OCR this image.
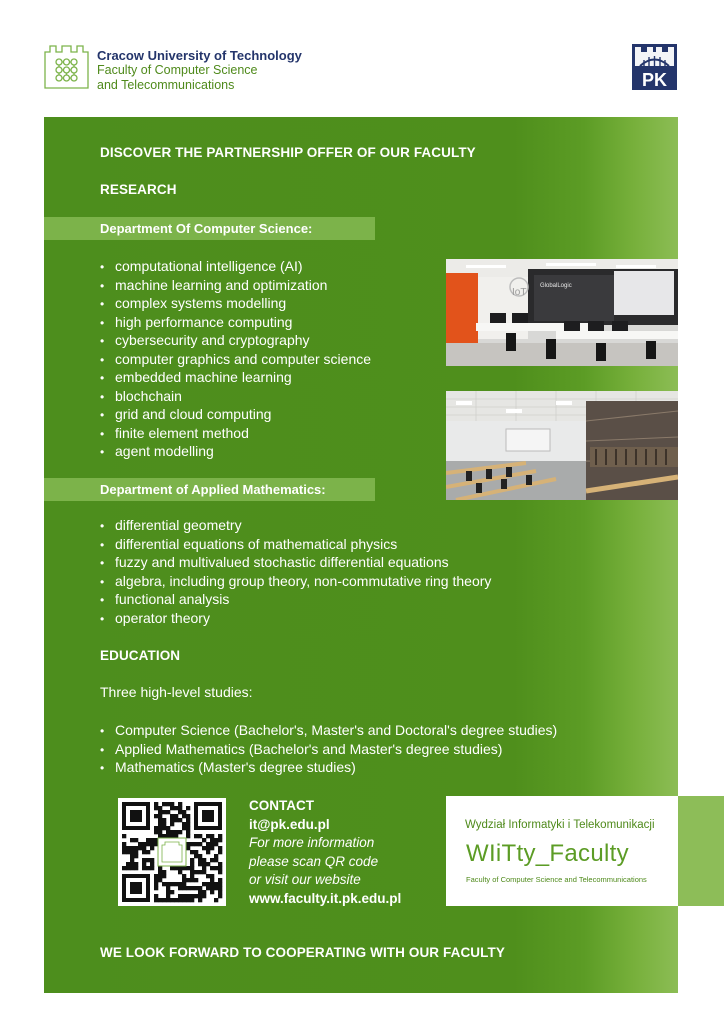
Cracow University of Technology
Faculty of Computer Science
and Telecommunications	PK
DISCOVER THE PARTNERSHIP OFFER OF OUR FACULTY
RESEARCH
Department Of Computer Science:
• computational intelligence (AI)
• machine learning and optimization
• complex systems modelling
• high performance computing
• cybersecurity and cryptography
• computer graphics and computer science
• embedded machine learning
• blochchain
• grid and cloud computing
• finite element method
• agent modelling
IoT
GlobalLogic
Department of Applied Mathematics:
• differential geometry
• differential equations of mathematical physics
• fuzzy and multivalued stochastic differential equations
• algebra, including group theory, non-commutative ring theory
• functional analysis
• operator theory
EDUCATION
Three high-level studies:
• Computer Science (Bachelor's, Master's and Doctoral's degree studies)
• Applied Mathematics (Bachelor's and Master's degree studies)
• Mathematics (Master's degree studies)
CONTACT
it@pk.edu.pl
For more information
please scan QR code
or visit our website
www.faculty.it.pk.edu.pl
Wydział Informatyki i Telekomunikacji
WIiTty_Faculty
Faculty of Computer Science and Telecommunications
WE LOOK FORWARD TO COOPERATING WITH OUR FACULTY
